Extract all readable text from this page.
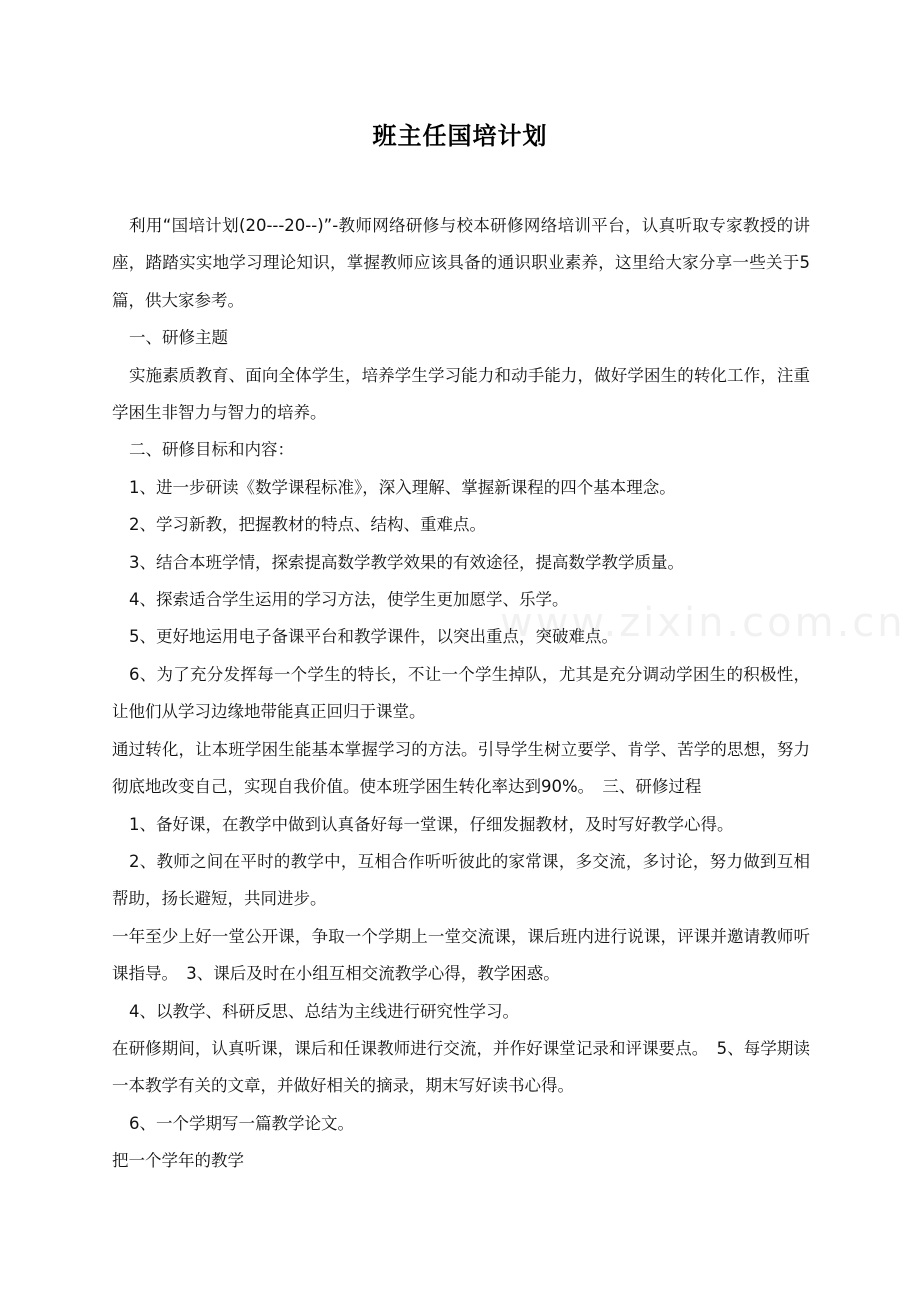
班主任国培计划

利用“国培计划(20---20--)”-教师网络研修与校本研修网络培训平台，认真听取专家教授的讲座，踏踏实实地学习理论知识，掌握教师应该具备的通识职业素养，这里给大家分享一些关于5篇，供大家参考。

一、研修主题

实施素质教育、面向全体学生，培养学生学习能力和动手能力，做好学困生的转化工作，注重学困生非智力与智力的培养。

二、研修目标和内容：

1、进一步研读《数学课程标准》，深入理解、掌握新课程的四个基本理念。

2、学习新教，把握教材的特点、结构、重难点。

3、结合本班学情，探索提高数学教学效果的有效途径，提高数学教学质量。

4、探索适合学生运用的学习方法，使学生更加愿学、乐学。

5、更好地运用电子备课平台和教学课件，以突出重点，突破难点。

6、为了充分发挥每一个学生的特长，不让一个学生掉队，尤其是充分调动学困生的积极性，让他们从学习边缘地带能真正回归于课堂。

通过转化，让本班学困生能基本掌握学习的方法。引导学生树立要学、肯学、苦学的思想，努力彻底地改变自己，实现自我价值。使本班学困生转化率达到90%。　三、研修过程

1、备好课，在教学中做到认真备好每一堂课，仔细发掘教材，及时写好教学心得。

2、教师之间在平时的教学中，互相合作听听彼此的家常课，多交流，多讨论，努力做到互相帮助，扬长避短，共同进步。

一年至少上好一堂公开课，争取一个学期上一堂交流课，课后班内进行说课，评课并邀请教师听课指导。　3、课后及时在小组互相交流教学心得，教学困惑。

4、以教学、科研反思、总结为主线进行研究性学习。

在研修期间，认真听课，课后和任课教师进行交流，并作好课堂记录和评课要点。　5、每学期读一本教学有关的文章，并做好相关的摘录，期末写好读书心得。

6、一个学期写一篇教学论文。

把一个学年的教学

www.zixin.com.cn
